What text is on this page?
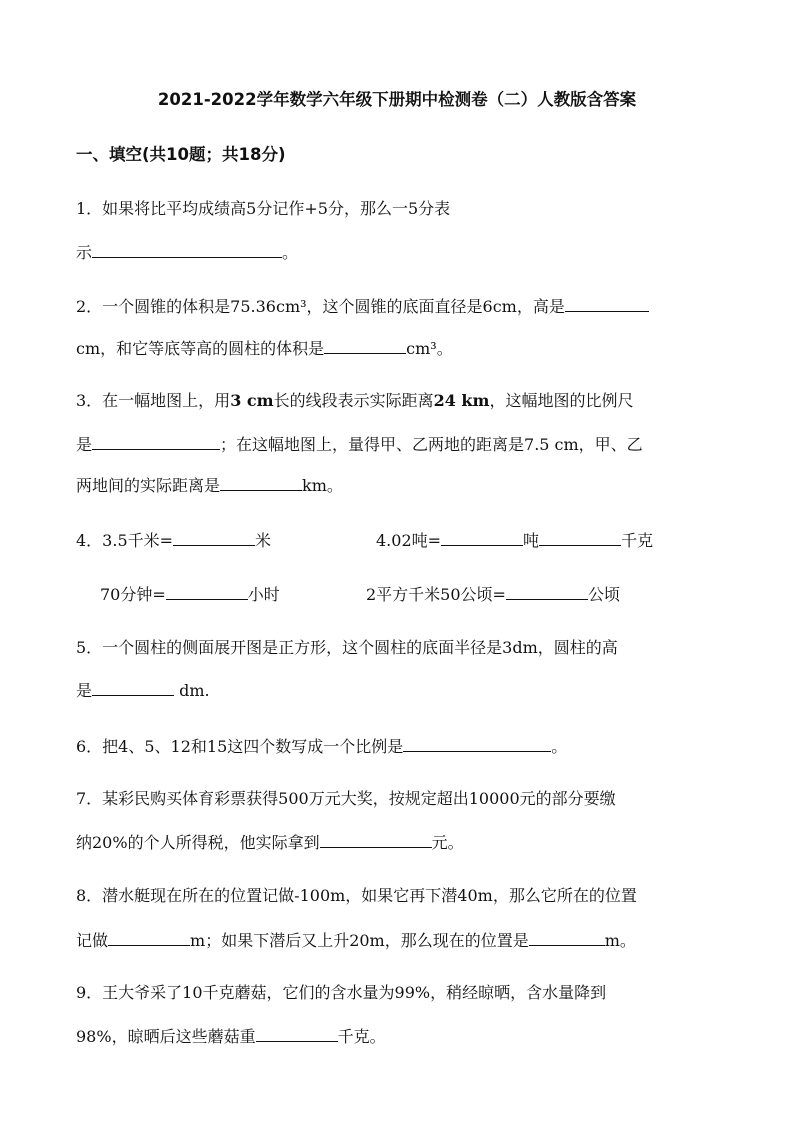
2021-2022学年数学六年级下册期中检测卷（二）人教版含答案
一、填空(共10题；共18分)
1．如果将比平均成绩高5分记作+5分，那么一5分表
示	。
2．一个圆锥的体积是75.36cm³，这个圆锥的底面直径是6cm，高是
cm，和它等底等高的圆柱的体积是	cm³。
3．在一幅地图上，用3 cm长的线段表示实际距离24 km，这幅地图的比例尺
是	；在这幅地图上，量得甲、乙两地的距离是7.5 cm，甲、乙
两地间的实际距离是	km。
4．3.5千米=	米	4.02吨=	吨	千克
70分钟=	小时	2平方千米50公顷=	公顷
5．一个圆柱的侧面展开图是正方形，这个圆柱的底面半径是3dm，圆柱的高
是	dm.
6．把4、5、12和15这四个数写成一个比例是	。
7．某彩民购买体育彩票获得500万元大奖，按规定超出10000元的部分要缴
纳20%的个人所得税，他实际拿到	元。
8．潜水艇现在所在的位置记做-100m，如果它再下潜40m，那么它所在的位置
记做	m；如果下潜后又上升20m，那么现在的位置是	m。
9．王大爷采了10千克蘑菇，它们的含水量为99%，稍经晾晒，含水量降到
98%，晾晒后这些蘑菇重	千克。
